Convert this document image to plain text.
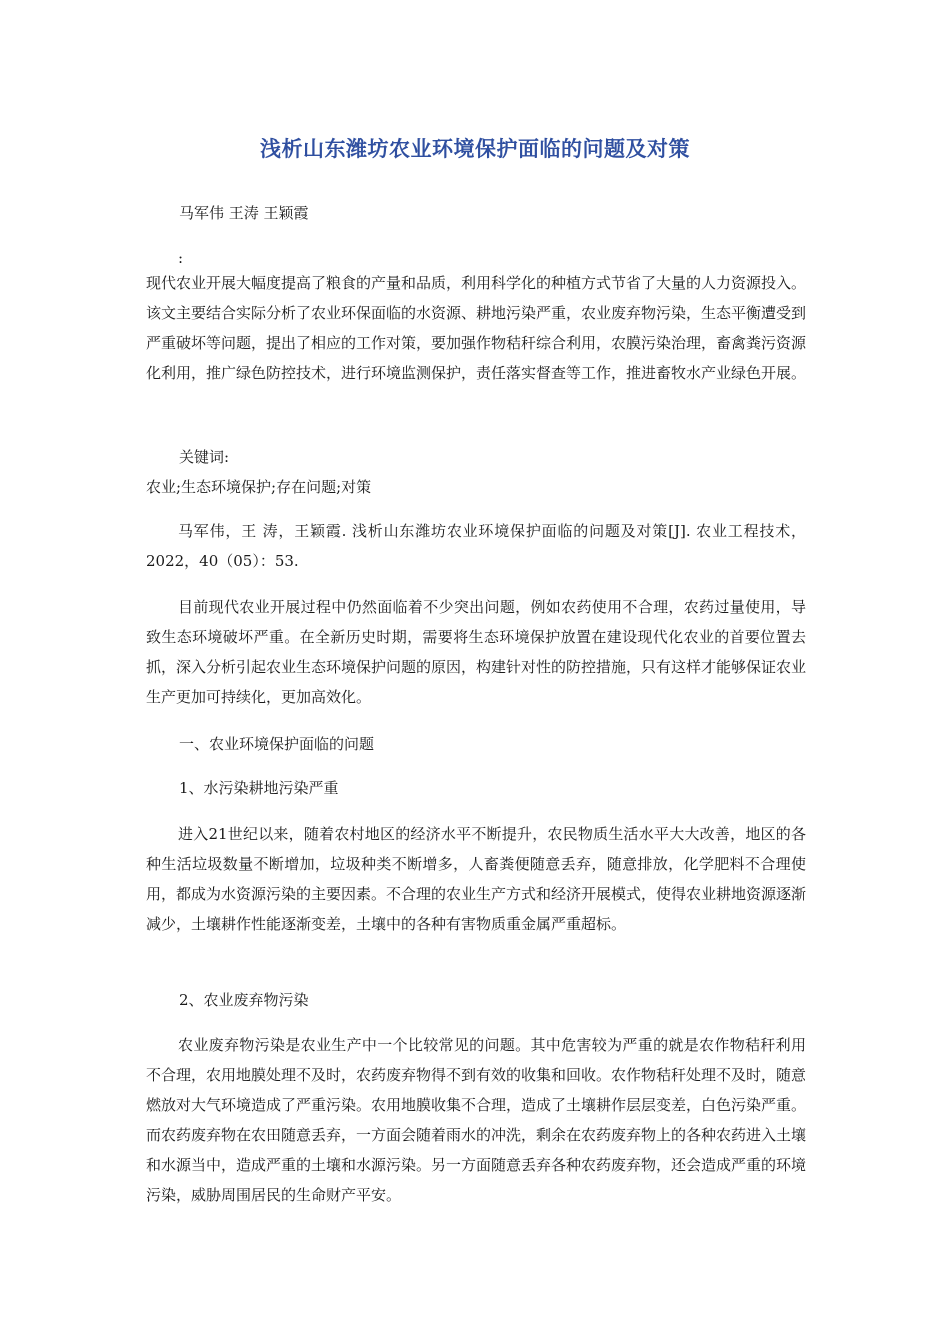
浅析山东潍坊农业环境保护面临的问题及对策
马军伟 王涛 王颖霞
:
现代农业开展大幅度提高了粮食的产量和品质，利用科学化的种植方式节省了大量的人力资源投入。该文主要结合实际分析了农业环保面临的水资源、耕地污染严重，农业废弃物污染，生态平衡遭受到严重破坏等问题，提出了相应的工作对策，要加强作物秸秆综合利用，农膜污染治理，畜禽粪污资源化利用，推广绿色防控技术，进行环境监测保护，责任落实督查等工作，推进畜牧水产业绿色开展。
关键词:
农业;生态环境保护;存在问题;对策
马军伟，王 涛，王颖霞. 浅析山东潍坊农业环境保护面临的问题及对策[J]. 农业工程技术，2022，40（05）：53.
目前现代农业开展过程中仍然面临着不少突出问题，例如农药使用不合理，农药过量使用，导致生态环境破坏严重。在全新历史时期，需要将生态环境保护放置在建设现代化农业的首要位置去抓，深入分析引起农业生态环境保护问题的原因，构建针对性的防控措施，只有这样才能够保证农业生产更加可持续化，更加高效化。
一、农业环境保护面临的问题
1、水污染耕地污染严重
进入21世纪以来，随着农村地区的经济水平不断提升，农民物质生活水平大大改善，地区的各种生活垃圾数量不断增加，垃圾种类不断增多，人畜粪便随意丢弃，随意排放，化学肥料不合理使用，都成为水资源污染的主要因素。不合理的农业生产方式和经济开展模式，使得农业耕地资源逐渐减少，土壤耕作性能逐渐变差，土壤中的各种有害物质重金属严重超标。
2、农业废弃物污染
农业废弃物污染是农业生产中一个比较常见的问题。其中危害较为严重的就是农作物秸秆利用不合理，农用地膜处理不及时，农药废弃物得不到有效的收集和回收。农作物秸秆处理不及时，随意燃放对大气环境造成了严重污染。农用地膜收集不合理，造成了土壤耕作层层变差，白色污染严重。而农药废弃物在农田随意丢弃，一方面会随着雨水的冲洗，剩余在农药废弃物上的各种农药进入土壤和水源当中，造成严重的土壤和水源污染。另一方面随意丢弃各种农药废弃物，还会造成严重的环境污染，威胁周围居民的生命财产平安。
